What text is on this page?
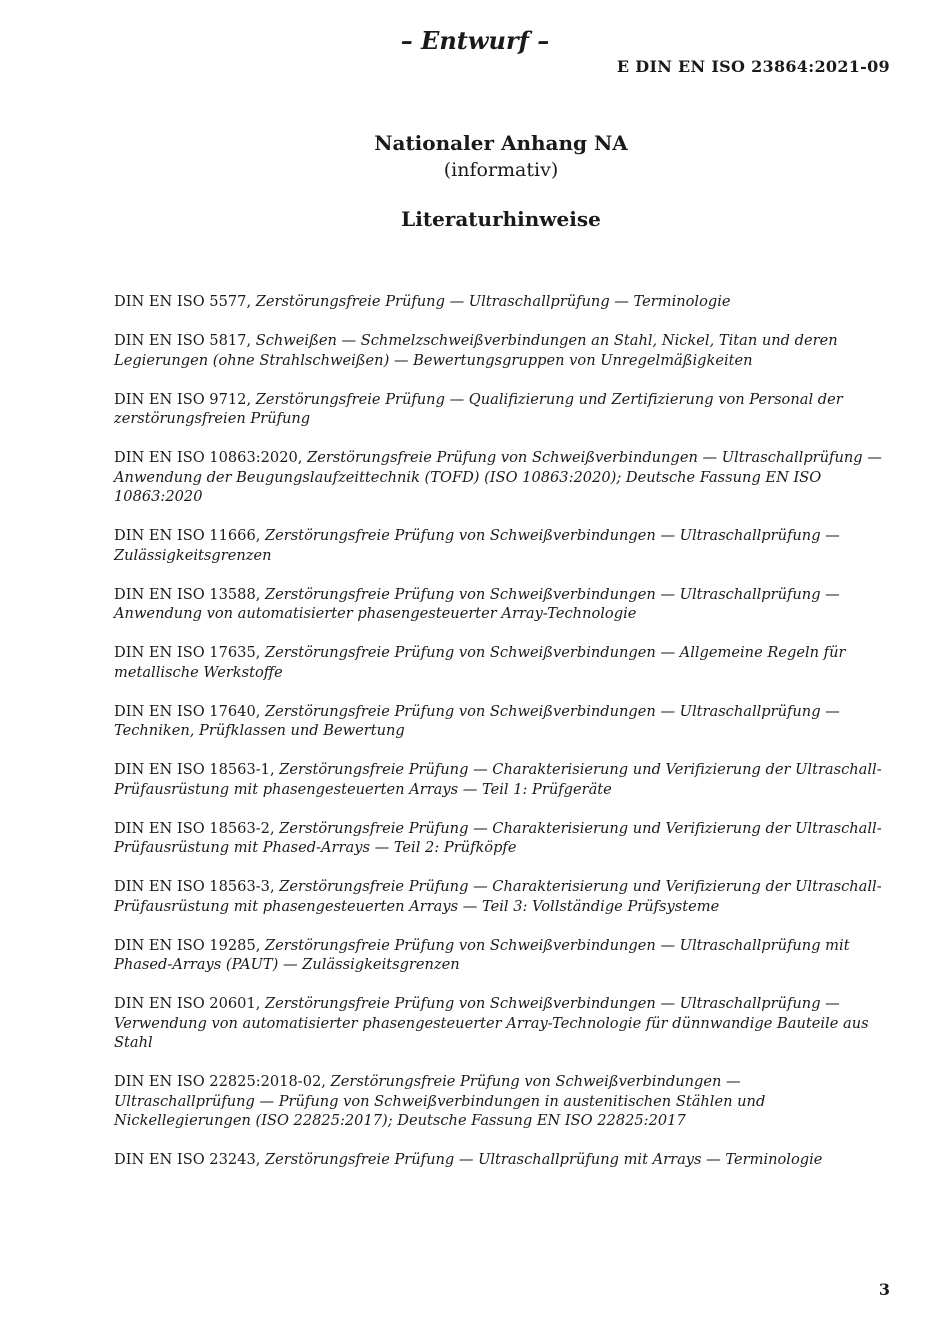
– Entwurf –
E DIN EN ISO 23864:2021-09
Nationaler Anhang NA
(informativ)
Literaturhinweise
DIN EN ISO 5577, Zerstörungsfreie Prüfung — Ultraschallprüfung — Terminologie
DIN EN ISO 5817, Schweißen — Schmelzschweißverbindungen an Stahl, Nickel, Titan und deren Legierungen (ohne Strahlschweißen) — Bewertungsgruppen von Unregelmäßigkeiten
DIN EN ISO 9712, Zerstörungsfreie Prüfung — Qualifizierung und Zertifizierung von Personal der zerstörungsfreien Prüfung
DIN EN ISO 10863:2020, Zerstörungsfreie Prüfung von Schweißverbindungen — Ultraschallprüfung — Anwendung der Beugungslaufzeittechnik (TOFD) (ISO 10863:2020); Deutsche Fassung EN ISO 10863:2020
DIN EN ISO 11666, Zerstörungsfreie Prüfung von Schweißverbindungen — Ultraschallprüfung — Zulässigkeitsgrenzen
DIN EN ISO 13588, Zerstörungsfreie Prüfung von Schweißverbindungen — Ultraschallprüfung — Anwendung von automatisierter phasengesteuerter Array-Technologie
DIN EN ISO 17635, Zerstörungsfreie Prüfung von Schweißverbindungen — Allgemeine Regeln für metallische Werkstoffe
DIN EN ISO 17640, Zerstörungsfreie Prüfung von Schweißverbindungen — Ultraschallprüfung — Techniken, Prüfklassen und Bewertung
DIN EN ISO 18563-1, Zerstörungsfreie Prüfung — Charakterisierung und Verifizierung der Ultraschall-Prüfausrüstung mit phasengesteuerten Arrays — Teil 1: Prüfgeräte
DIN EN ISO 18563-2, Zerstörungsfreie Prüfung — Charakterisierung und Verifizierung der Ultraschall-Prüfausrüstung mit Phased-Arrays — Teil 2: Prüfköpfe
DIN EN ISO 18563-3, Zerstörungsfreie Prüfung — Charakterisierung und Verifizierung der Ultraschall-Prüfausrüstung mit phasengesteuerten Arrays — Teil 3: Vollständige Prüfsysteme
DIN EN ISO 19285, Zerstörungsfreie Prüfung von Schweißverbindungen — Ultraschallprüfung mit Phased-Arrays (PAUT) — Zulässigkeitsgrenzen
DIN EN ISO 20601, Zerstörungsfreie Prüfung von Schweißverbindungen — Ultraschallprüfung — Verwendung von automatisierter phasengesteuerter Array-Technologie für dünnwandige Bauteile aus Stahl
DIN EN ISO 22825:2018-02, Zerstörungsfreie Prüfung von Schweißverbindungen — Ultraschallprüfung — Prüfung von Schweißverbindungen in austenitischen Stählen und Nickellegierungen (ISO 22825:2017); Deutsche Fassung EN ISO 22825:2017
DIN EN ISO 23243, Zerstörungsfreie Prüfung — Ultraschallprüfung mit Arrays — Terminologie
3
